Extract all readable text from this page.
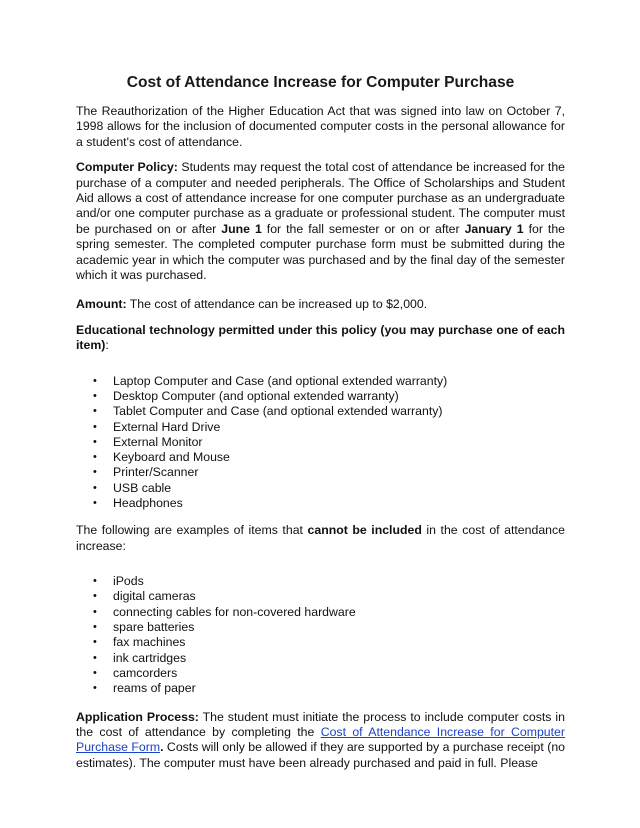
Cost of Attendance Increase for Computer Purchase

The Reauthorization of the Higher Education Act that was signed into law on October 7, 1998 allows for the inclusion of documented computer costs in the personal allowance for a student's cost of attendance.

Computer Policy: Students may request the total cost of attendance be increased for the purchase of a computer and needed peripherals. The Office of Scholarships and Student Aid allows a cost of attendance increase for one computer purchase as an undergraduate and/or one computer purchase as a graduate or professional student. The computer must be purchased on or after June 1 for the fall semester or on or after January 1 for the spring semester. The completed computer purchase form must be submitted during the academic year in which the computer was purchased and by the final day of the semester which it was purchased.

Amount: The cost of attendance can be increased up to $2,000.

Educational technology permitted under this policy (you may purchase one of each item):

• Laptop Computer and Case (and optional extended warranty)
• Desktop Computer (and optional extended warranty)
• Tablet Computer and Case (and optional extended warranty)
• External Hard Drive
• External Monitor
• Keyboard and Mouse
• Printer/Scanner
• USB cable
• Headphones

The following are examples of items that cannot be included in the cost of attendance increase:

• iPods
• digital cameras
• connecting cables for non-covered hardware
• spare batteries
• fax machines
• ink cartridges
• camcorders
• reams of paper

Application Process: The student must initiate the process to include computer costs in the cost of attendance by completing the Cost of Attendance Increase for Computer Purchase Form. Costs will only be allowed if they are supported by a purchase receipt (no estimates). The computer must have been already purchased and paid in full. Please
